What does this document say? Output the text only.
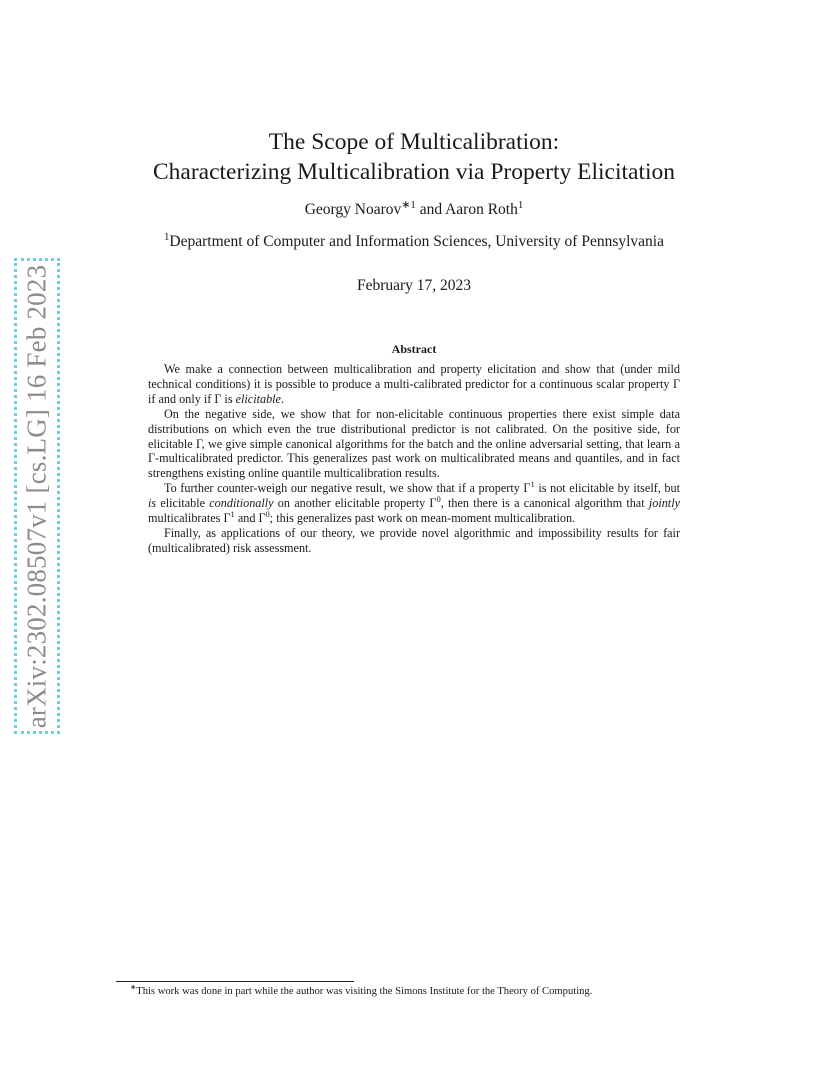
arXiv:2302.08507v1 [cs.LG] 16 Feb 2023
The Scope of Multicalibration:
Characterizing Multicalibration via Property Elicitation
Georgy Noarov$^{∗1}$ and Aaron Roth$^1$
$^1$Department of Computer and Information Sciences, University of Pennsylvania
February 17, 2023
Abstract

We make a connection between multicalibration and property elicitation and show that (under mild technical conditions) it is possible to produce a multi-calibrated predictor for a continuous scalar property Γ if and only if Γ is elicitable.

On the negative side, we show that for non-elicitable continuous properties there exist simple data distributions on which even the true distributional predictor is not calibrated. On the positive side, for elicitable Γ, we give simple canonical algorithms for the batch and the online adversarial setting, that learn a Γ-multicalibrated predictor. This generalizes past work on multicalibrated means and quantiles, and in fact strengthens existing online quantile multicalibration results.

To further counter-weigh our negative result, we show that if a property $\Gamma^1$ is not elicitable by itself, but is elicitable conditionally on another elicitable property $\Gamma^0$, then there is a canonical algorithm that jointly multicalibrates $\Gamma^1$ and $\Gamma^0$; this generalizes past work on mean-moment multicalibration.

Finally, as applications of our theory, we provide novel algorithmic and impossibility results for fair (multicalibrated) risk assessment.

∗This work was done in part while the author was visiting the Simons Institute for the Theory of Computing.
